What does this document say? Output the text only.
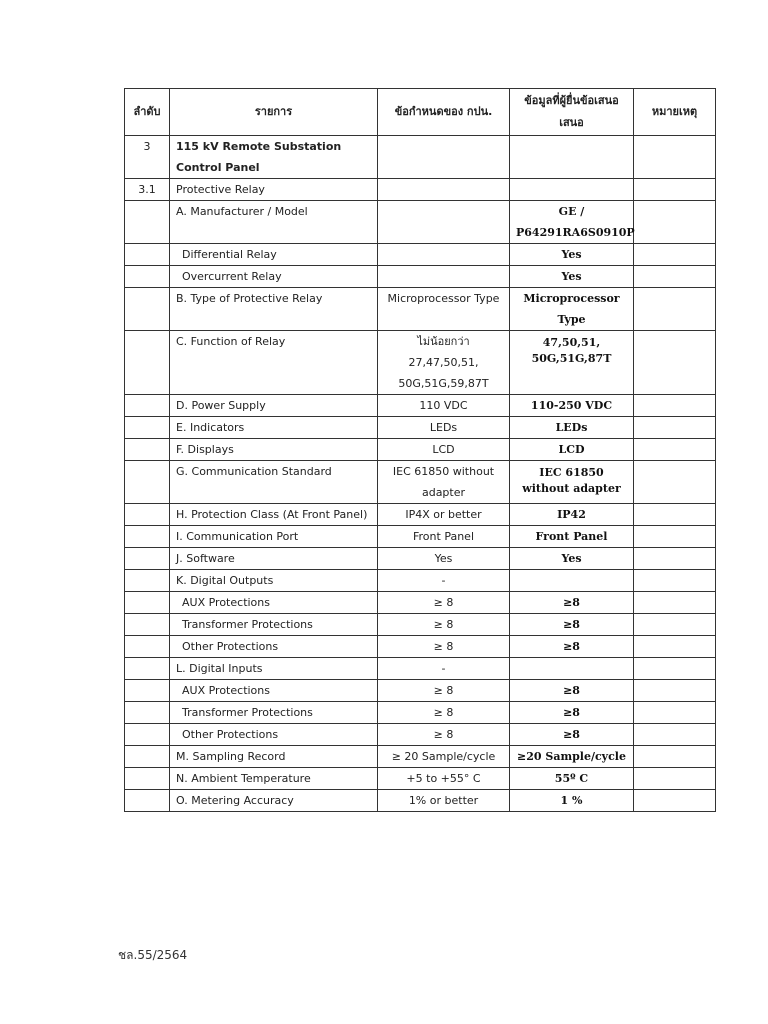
ลำดับ	รายการ	ข้อกำหนดของ กปน.	ข้อมูลที่ผู้ยื่นข้อเสนอเสนอ	หมายเหตุ
3	115 kV Remote Substation Control Panel			
3.1	Protective Relay			
	A. Manufacturer / Model		GE / P64291RA6S0910P	
	Differential Relay		Yes	
	Overcurrent Relay		Yes	
	B. Type of Protective Relay	Microprocessor Type	Microprocessor Type	
	C. Function of Relay	ไม่น้อยกว่า 27,47,50,51, 50G,51G,59,87T	47,50,51, 50G,51G,87T	
	D. Power Supply	110 VDC	110-250 VDC	
	E. Indicators	LEDs	LEDs	
	F. Displays	LCD	LCD	
	G. Communication Standard	IEC 61850 without adapter	IEC 61850 without adapter	
	H. Protection Class (At Front Panel)	IP4X or better	IP42	
	I. Communication Port	Front Panel	Front Panel	
	J. Software	Yes	Yes	
	K. Digital Outputs	-		
	AUX Protections	≥ 8	≥8	
	Transformer Protections	≥ 8	≥8	
	Other Protections	≥ 8	≥8	
	L. Digital Inputs	-		
	AUX Protections	≥ 8	≥8	
	Transformer Protections	≥ 8	≥8	
	Other Protections	≥ 8	≥8	
	M. Sampling Record	≥ 20 Sample/cycle	≥20 Sample/cycle	
	N. Ambient Temperature	+5 to +55° C	55º C	
	O. Metering Accuracy	1% or better	1 %	
ชล.55/2564
